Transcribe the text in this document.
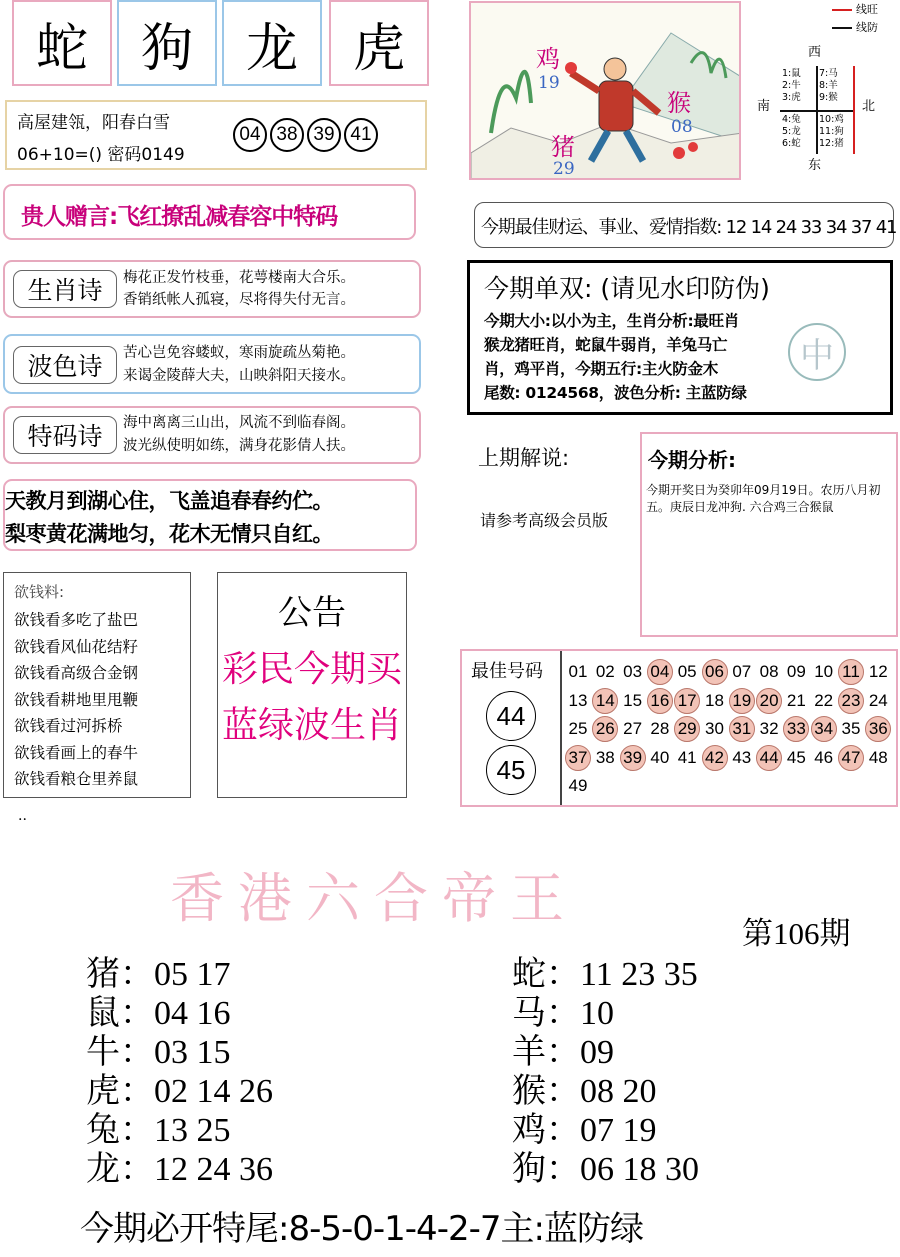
蛇	狗	龙	虎
高屋建瓴，阳春白雪
06+10=() 密码0149
04 38 39 41
贵人赠言:飞红撩乱减春容中特码
生肖诗	梅花正发竹枝垂，花萼楼南大合乐。
香销纸帐人孤寝，尽将得失付无言。
波色诗	苦心岂免容蝼蚁，寒雨旋疏丛菊艳。
来谒金陵薛大夫，山映斜阳天接水。
特码诗	海中离离三山出，风流不到临春阁。
波光纵使明如练，满身花影倩人扶。
天教月到湖心住，飞盖追春春约伫。
梨枣黄花满地匀，花木无情只自红。
欲钱料:
欲钱看多吃了盐巴
欲钱看风仙花结籽
欲钱看高级合金钢
欲钱看耕地里甩鞭
欲钱看过河拆桥
欲钱看画上的春牛
欲钱看粮仓里养鼠
公告
彩民今期买
蓝绿波生肖
..
鸡
19
猴
08
猪
29
线旺
线防
西
南	北
东
1:鼠
2:牛
3:虎
4:兔
5:龙
6:蛇
7:马
8:羊
9:猴
10:鸡
11:狗
12:猪
今期最佳财运、事业、爱情指数: 12 14 24 33 34 37 41
中
今期单双: (请见水印防伪)
今期大小:以小为主，生肖分析:最旺肖
猴龙猪旺肖，蛇鼠牛弱肖，羊兔马亡
肖，鸡平肖，今期五行:主火防金木
尾数: 0124568，波色分析: 主蓝防绿
上期解说:
请参考高级会员版
今期分析:
今期开奖日为癸卯年09月19日。农历八月初五。庚辰日龙冲狗. 六合鸡三合猴鼠
最佳号码
44
45
01 02 03 04 05 06 07 08 09 10 11 12
13 14 15 16 17 18 19 20 21 22 23 24
25 26 27 28 29 30 31 32 33 34 35 36
37 38 39 40 41 42 43 44 45 46 47 48
49
香港六合帝王
第106期
猪：05 17
鼠：04 16
牛：03 15
虎：02 14 26
兔：13 25
龙：12 24 36
蛇：11 23 35
马：10
羊：09
猴：08 20
鸡：07 19
狗：06 18 30
今期必开特尾:8-5-0-1-4-2-7主:蓝防绿
